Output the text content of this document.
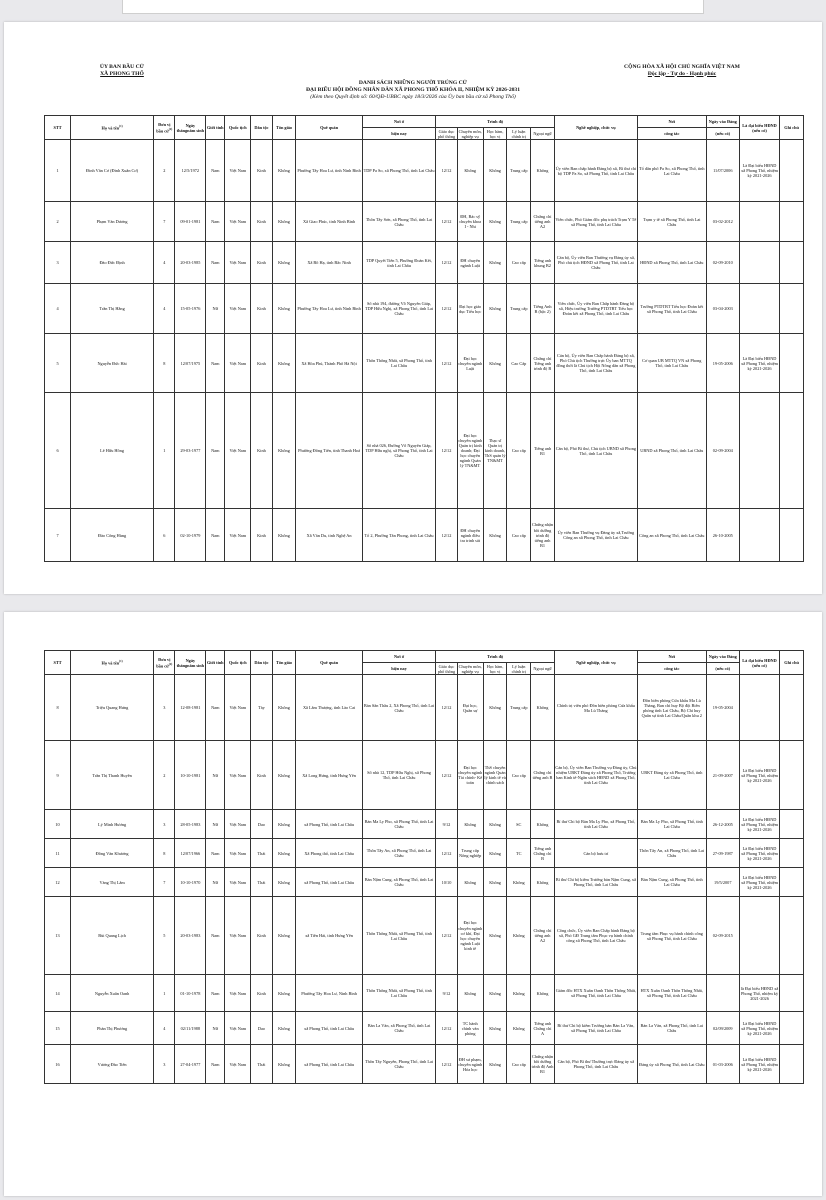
ỦY BAN BẦU CỬ
XÃ PHONG THỔ
CỘNG HÒA XÃ HỘI CHỦ NGHĨA VIỆT NAM
Độc lập - Tự do - Hạnh phúc
DANH SÁCH NHỮNG NGƯỜI TRÚNG CỬ
ĐẠI BIỂU HỘI ĐỒNG NHÂN DÂN XÃ PHONG THỔ KHÓA II, NHIỆM KỲ 2026-2031
(Kèm theo Quyết định số: 60/QĐ-UBBC ngày 18/3/2026 của Ủy ban bầu cử xã Phong Thổ)
STT	Họ và tên$^{(1)}$	Đơn vị bầu cử$^{(2)}$	Ngày thángnăm sinh	Giới tính	Quốc tịch	Dân tộc	Tôn giáo	Quê quán	Nơi ở	Trình độ					Nghề nghiệp, chức vụ	Nơi	Ngày vào Đảng	Là đại biểu HĐND (nếu có)	Ghi chú
									hiện nay	Giáo dục phổ thông	Chuyên môn, nghiệp vụ	Học hàm, học vị	Lý luận chính trị	Ngoại ngữ		công tác	(nếu có)		
1	Đinh Văn Cơ (Đinh Xuân Cơ)	2	12/5/1972	Nam	Việt Nam	Kinh	Không	Phường Tây Hoa Lư, tỉnh Ninh Bình	TDP Pa So, xã Phong Thổ, tỉnh Lai Châu	12/12	Không	Không	Trung cấp	Không	Ủy viên Ban chấp hành Đảng bộ xã, Bí thư chi bộ TDP Pa So, xã Phong Thổ, tỉnh Lai Châu	Tổ dân phố Pa So, xã Phong Thổ, tỉnh Lai Châu	11/07/2006	Là Đại biểu HĐND xã Phong Thổ, nhiệm kỳ 2021-2026	
2	Phạm Văn Dương	7	09-01-1981	Nam	Việt Nam	Kinh	Không	Xã Giao Phúc, tỉnh Ninh Bình	Thôn Tây Sơn, xã Phong Thổ, tỉnh Lai Châu	12/12	ĐH, Bác sỹ chuyên khoa I - Nhi	Không	Trung cấp	Chứng chỉ tiếng anh A2	Viên chức, Phó Giám đốc phụ trách Trạm Y Tế xã Phong Thổ, tỉnh Lai Châu	Trạm y tế xã Phong Thổ, tỉnh Lai Châu	03-02-2012		
3	Đào Đức Định	4	20-03-1985	Nam	Việt Nam	Kinh	Không	Xã Bồ Hạ, tỉnh Bắc Ninh	TDP Quyết Tiến 5, Phường Đoàn Kết, tỉnh Lai Châu	12/12	ĐH chuyên ngành Luật	Không	Cao cấp	Tiếng anh khung B2	Cán bộ, Ủy viên Ban Thường vụ Đảng ủy xã, Phó chủ tịch HĐND xã Phong Thổ, tỉnh Lai Châu	HĐND xã Phong Thổ, tỉnh Lai Châu	02-09-2010		
4	Trần Thị Hằng	4	15-05-1976	Nữ	Việt Nam	Kinh	Không	Phường Tây Hoa Lư, tỉnh Ninh Bình	Số nhà 194, đường Võ Nguyên Giáp, TDP Hữu Nghị, xã Phong Thổ, tỉnh Lai Châu	12/12	Đại học giáo dục Tiểu học	Không	Trung cấp	Tiếng Anh B (bậc 2)	Viên chức, Ủy viên Ban Chấp hành Đảng bộ xã, Hiệu trưởng Trường PTDTBT Tiểu học Đoàn kết xã Phong Thổ, tỉnh Lai Châu	Trường PTDTBT Tiểu học Đoàn kết xã Phong Thổ, tỉnh Lai Châu	03-04-2003		
5	Nguyễn Đức Hải	8	12/07/1975	Nam	Việt Nam	Kinh	Không	Xã Hòa Phú, Thành Phố Hà Nội	Thôn Thống Nhất, xã Phong Thổ, tỉnh Lai Châu	12/12	Đại học chuyên ngành Luật	Không	Cao Cấp	Chứng chỉ Tiếng anh trình độ B	Cán bộ, Ủy viên Ban Chấp hành Đảng bộ xã, Phó Chủ tịch Thường trực Ủy ban MTTQ đồng thời là Chủ tịch Hội Nông dân xã Phong Thổ, tỉnh Lai Châu	Cơ quan UB MTTQ VN xã Phong Thổ, tỉnh Lai Châu	19-05-2006	Là Đại biểu HĐND xã Phong Thổ, nhiệm kỳ 2021-2026	
6	Lê Hữu Hồng	1	29-03-1977	Nam	Việt Nam	Kinh	Không	Phường Đông Tiến, tỉnh Thanh Hoá	Số nhà 026, Đường Võ Nguyên Giáp, TDP Hữu nghị, xã Phong Thổ, tỉnh Lai Châu	12/12	Đại học chuyên ngành Quản trị kinh doanh; Đại học chuyên ngành Quản lý TN&MT	Thạc sĩ Quản trị kinh doanh, ThS quản lý TN&MT	Cao cấp	Tiếng anh B1	Cán bộ, Phó Bí thư, Chủ tịch UBND xã Phong Thổ, tỉnh Lai Châu	UBND xã Phong Thổ, tỉnh Lai Châu	02-09-2004		
7	Đào Công Hùng	6	02-10-1979	Nam	Việt Nam	Kinh	Không	Xã Văn Du, tỉnh Nghệ An	Tổ 2, Phường Tân Phong, tỉnh Lai Châu	12/12	ĐH chuyên ngành điều tra trinh sát	Không	Cao cấp	Chứng nhận bồi dưỡng trình độ tiếng anh B1	Ủy viên Ban Thường vụ Đảng ủy xã,Trưởng Công an xã Phong Thổ, tỉnh Lai Châu	Công an xã Phong Thổ, tỉnh Lai Châu	26-10-2005		
STT	Họ và tên$^{(1)}$	Đơn vị bầu cử$^{(2)}$	Ngày thángnăm sinh	Giới tính	Quốc tịch	Dân tộc	Tôn giáo	Quê quán	Nơi ở	Trình độ					Nghề nghiệp, chức vụ	Nơi	Ngày vào Đảng	Là đại biểu HĐND (nếu có)	Ghi chú
									hiện nay	Giáo dục phổ thông	Chuyên môn, nghiệp vụ	Học hàm, học vị	Lý luận chính trị	Ngoại ngữ		công tác	(nếu có)		
8	Triệu Quang Hưng	3	12-08-1981	Nam	Việt Nam	Tày	Không	Xã Lâm Thượng, tỉnh Lào Cai	Bản Sân Thầu 2, Xã Phong Thổ, tỉnh Lai Châu	12/12	Đại học, Quân sự	Không	Trung cấp	Không	Chính trị viên phó Đồn biên phòng Cửa khẩu Ma Lù Thàng	Đồn biên phòng Cửa khẩu Ma Lù Thàng, Ban chỉ huy Bộ đội Biên phòng tỉnh Lai Châu, Bộ Chỉ huy Quân sự tỉnh Lai Châu/Quân khu 2	19-05-2004		
9	Trần Thị Thanh Huyền	2	10-10-1981	Nữ	Việt Nam	Kinh	Không	Xã Long Hưng, tỉnh Hưng Yên	Số nhà 12, TDP Hữu Nghị, xã Phong Thổ, tỉnh Lai Châu	12/12	Đại học chuyên ngành Tài chính- Kế toán	ThS chuyên ngành Quản lý kinh tế và chính sách	Cao cấp	Chứng chỉ tiếng anh B	Cán bộ, Ủy viên Ban Thường vụ Đảng ủy, Chủ nhiệm UBKT Đảng ủy xã Phong Thổ, Trưởng ban Kinh tế-Ngân sách HĐND xã Phong Thổ, tỉnh Lai Châu	UBKT Đảng ủy xã Phong Thổ, tỉnh Lai Châu	21-09-2007	Là Đại biểu HĐND xã Phong Thổ, nhiệm kỳ 2021-2026	
10	Lý Minh Hương	3	28-05-1983	Nữ	Việt Nam	Dao	Không	xã Phong Thổ, tỉnh Lai Châu	Bản Ma Ly Pho, xã Phong Thổ, tỉnh Lai Châu	9/12	Không	Không	SC	Không	Bí thư Chi bộ Bản Ma Ly Pho, xã Phong Thổ, tỉnh Lai Châu	Bản Ma Ly Pho, xã Phong Thổ, tỉnh Lai Châu	26-12-2005	Là Đại biểu HĐND xã Phong Thổ, nhiệm kỳ 2021-2026	
11	Đồng Văn Khương	8	12/07/1966	Nam	Việt Nam	Thái	Không	Xã Phong thổ, tỉnh Lai Châu	Thôn Tây An, xã Phong Thổ, tỉnh Lai Châu	12/12	Trung cấp Nông nghiệp	Không	TC	Tiếng anh Chứng chỉ B	Cán bộ hưu trí	Thôn Tây An, xã Phong Thổ, tỉnh Lai Châu	27-09-1987	Là Đại biểu HĐND xã Phong Thổ, nhiệm kỳ 2021-2026	
12	Vàng Thị Lâm	7	10-10-1970	Nữ	Việt Nam	Thái	Không	xã Phong Thổ, tỉnh Lai Châu	Bản Nậm Cung, xã Phong Thổ, tỉnh Lai Châu	10/10	Không	Không	Không	Không	Bí thư Chi bộ kiêm Trưởng bản Nậm Cung, xã Phong Thổ, tỉnh Lai Châu	Bản Nậm Cung, xã Phong Thổ, tỉnh Lai Châu	19/5/2007	Là Đại biểu HĐND xã Phong Thổ, nhiệm kỳ 2021-2026	
13	Bùi Quang Lịch	5	20-03-1983	Nam	Việt Nam	Kinh	Không	xã Tiền Hải, tỉnh Hưng Yên	Thôn Thống Nhất, xã Phong Thổ, tỉnh Lai Châu	12/12	Đại học chuyên ngành cơ khí, Đại học chuyên ngành Luật kinh tế	Không	Không	Chứng chỉ tiếng anh A2	Công chức, Ủy viên Ban Chấp hành Đảng bộ xã, Phó GĐ Trung tâm Phục vụ hành chính công xã Phong Thổ, tỉnh Lai Châu	Trung tâm Phục vụ hành chính công xã Phong Thổ, tỉnh Lai Châu	02-09-2015		
14	Nguyễn Xuân Oanh	1	01-10-1978	Nam	Việt Nam	Kinh	Không	Phường Tây Hoa Lư, Ninh Bình	Thôn Thống Nhất, xã Phong Thổ, tỉnh Lai Châu	9/12	Không	Không	Không	Không	Giám đốc HTX Xuân Oanh Thôn Thống Nhất, xã Phong Thổ, tỉnh Lai Châu	HTX Xuân Oanh Thôn Thống Nhất, xã Phong Thổ, tỉnh Lai Châu		là Đại biểu HĐND xã Phong Thổ, nhiệm kỳ 2021-2026	
15	Phàn Thị Phương	4	02/11/1988	Nữ	Việt Nam	Dao	Không	xã Phong Thổ, tỉnh Lai Châu	Bản La Văn, xã Phong Thổ, tỉnh Lai Châu	12/12	TC hành chính văn phòng	Không	Không	Tiếng anh Chứng chỉ A	Bí thư Chi bộ kiêm Trưởng bản Bản La Văn, xã Phong Thổ, tỉnh Lai Châu	Bản La Văn, xã Phong Thổ, tỉnh Lai Châu	02/09/2009	Là Đại biểu HĐND xã Phong Thổ, nhiệm kỳ 2021-2026	
16	Vương Đào Tiến	3	27-04-1977	Nam	Việt Nam	Thái	Không	xã Phong Thổ, tỉnh Lai Châu	Thôn Tây Nguyên, Phong Thổ, tỉnh Lai Châu	12/12	ĐH sư phạm, chuyên ngành Hóa học	Không	Cao cấp	Chứng nhận bồi dưỡng trình độ Anh B1	Cán bộ, Phó Bí thư Thường trực Đảng ủy xã Phong Thổ, tỉnh Lai Châu	Đảng ủy xã Phong Thổ, tỉnh Lai Châu	01-03-2006	Là Đại biểu HĐND xã Phong Thổ, nhiệm kỳ 2021-2026	
